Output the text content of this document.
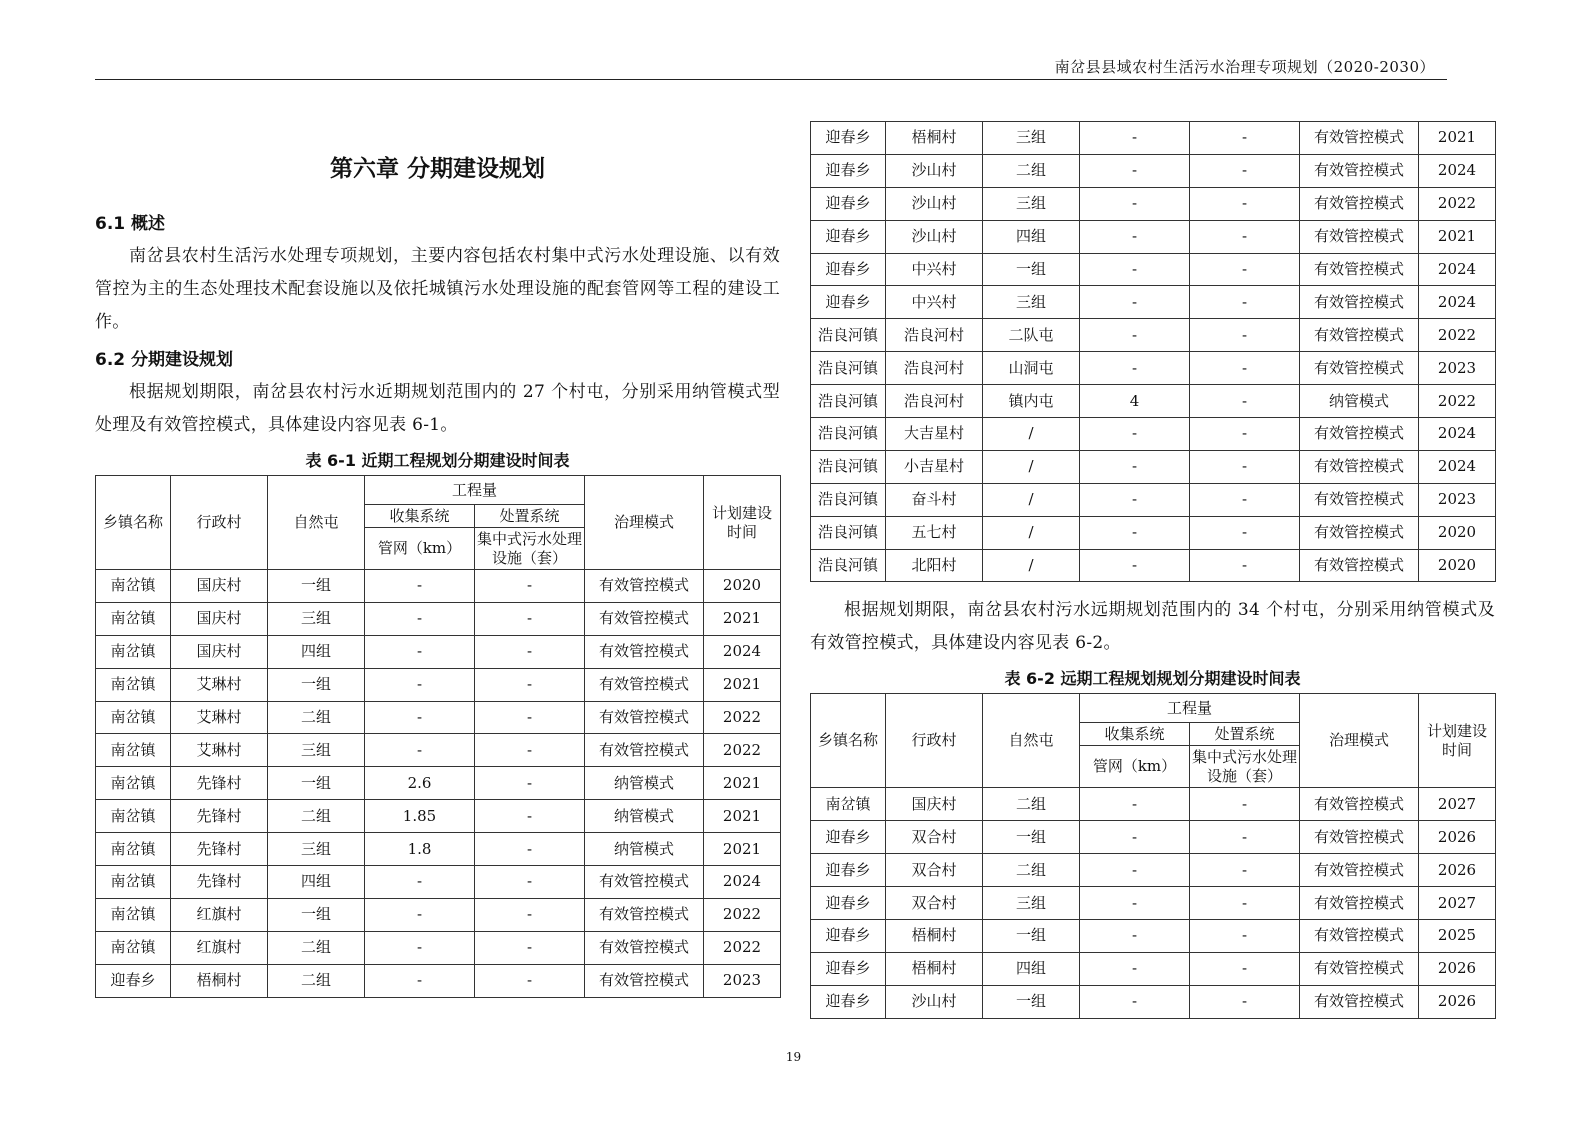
南岔县县域农村生活污水治理专项规划（2020-2030）
第六章 分期建设规划
6.1 概述

南岔县农村生活污水处理专项规划，主要内容包括农村集中式污水处理设施、以有效管控为主的生态处理技术配套设施以及依托城镇污水处理设施的配套管网等工程的建设工作。

6.2 分期建设规划

根据规划期限，南岔县农村污水近期规划范围内的 27 个村屯，分别采用纳管模式型处理及有效管控模式，具体建设内容见表 6-1。

表 6-1 近期工程规划分期建设时间表
乡镇名称	行政村	自然屯	工程量		治理模式	计划建设时间
			收集系统	处置系统		
			管网（km）	集中式污水处理设施（套）		
南岔镇	国庆村	一组	-	-	有效管控模式	2020
南岔镇	国庆村	三组	-	-	有效管控模式	2021
南岔镇	国庆村	四组	-	-	有效管控模式	2024
南岔镇	艾琳村	一组	-	-	有效管控模式	2021
南岔镇	艾琳村	二组	-	-	有效管控模式	2022
南岔镇	艾琳村	三组	-	-	有效管控模式	2022
南岔镇	先锋村	一组	2.6	-	纳管模式	2021
南岔镇	先锋村	二组	1.85	-	纳管模式	2021
南岔镇	先锋村	三组	1.8	-	纳管模式	2021
南岔镇	先锋村	四组	-	-	有效管控模式	2024
南岔镇	红旗村	一组	-	-	有效管控模式	2022
南岔镇	红旗村	二组	-	-	有效管控模式	2022
迎春乡	梧桐村	二组	-	-	有效管控模式	2023
迎春乡	梧桐村	三组	-	-	有效管控模式	2021
迎春乡	沙山村	二组	-	-	有效管控模式	2024
迎春乡	沙山村	三组	-	-	有效管控模式	2022
迎春乡	沙山村	四组	-	-	有效管控模式	2021
迎春乡	中兴村	一组	-	-	有效管控模式	2024
迎春乡	中兴村	三组	-	-	有效管控模式	2024
浩良河镇	浩良河村	二队屯	-	-	有效管控模式	2022
浩良河镇	浩良河村	山洞屯	-	-	有效管控模式	2023
浩良河镇	浩良河村	镇内屯	4	-	纳管模式	2022
浩良河镇	大吉星村	/	-	-	有效管控模式	2024
浩良河镇	小吉星村	/	-	-	有效管控模式	2024
浩良河镇	奋斗村	/	-	-	有效管控模式	2023
浩良河镇	五七村	/	-	-	有效管控模式	2020
浩良河镇	北阳村	/	-	-	有效管控模式	2020

根据规划期限，南岔县农村污水远期规划范围内的 34 个村屯，分别采用纳管模式及有效管控模式，具体建设内容见表 6-2。

表 6-2 远期工程规划规划分期建设时间表
乡镇名称	行政村	自然屯	工程量		治理模式	计划建设时间
			收集系统	处置系统		
			管网（km）	集中式污水处理设施（套）		
南岔镇	国庆村	二组	-	-	有效管控模式	2027
迎春乡	双合村	一组	-	-	有效管控模式	2026
迎春乡	双合村	二组	-	-	有效管控模式	2026
迎春乡	双合村	三组	-	-	有效管控模式	2027
迎春乡	梧桐村	一组	-	-	有效管控模式	2025
迎春乡	梧桐村	四组	-	-	有效管控模式	2026
迎春乡	沙山村	一组	-	-	有效管控模式	2026
19
